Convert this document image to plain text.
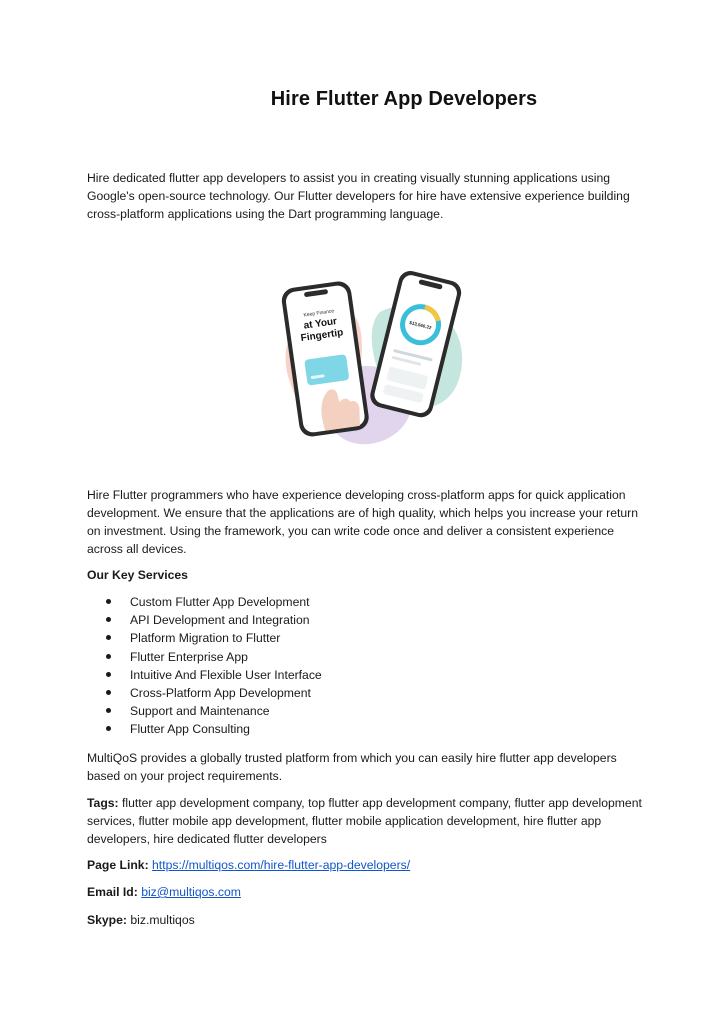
Hire Flutter App Developers

Hire dedicated flutter app developers to assist you in creating visually stunning applications using Google's open-source technology. Our Flutter developers for hire have extensive experience building cross-platform applications using the Dart programming language.

$13,560.22
Keep Finance
at Your
Fingertip

Hire Flutter programmers who have experience developing cross-platform apps for quick application development. We ensure that the applications are of high quality, which helps you increase your return on investment. Using the framework, you can write code once and deliver a consistent experience across all devices.

Our Key Services

Custom Flutter App Development
API Development and Integration
Platform Migration to Flutter
Flutter Enterprise App
Intuitive And Flexible User Interface
Cross-Platform App Development
Support and Maintenance
Flutter App Consulting

MultiQoS provides a globally trusted platform from which you can easily hire flutter app developers based on your project requirements.

Tags: flutter app development company, top flutter app development company, flutter app development services, flutter mobile app development, flutter mobile application development, hire flutter app developers, hire dedicated flutter developers

Page Link: https://multiqos.com/hire-flutter-app-developers/

Email Id: biz@multiqos.com

Skype: biz.multiqos
